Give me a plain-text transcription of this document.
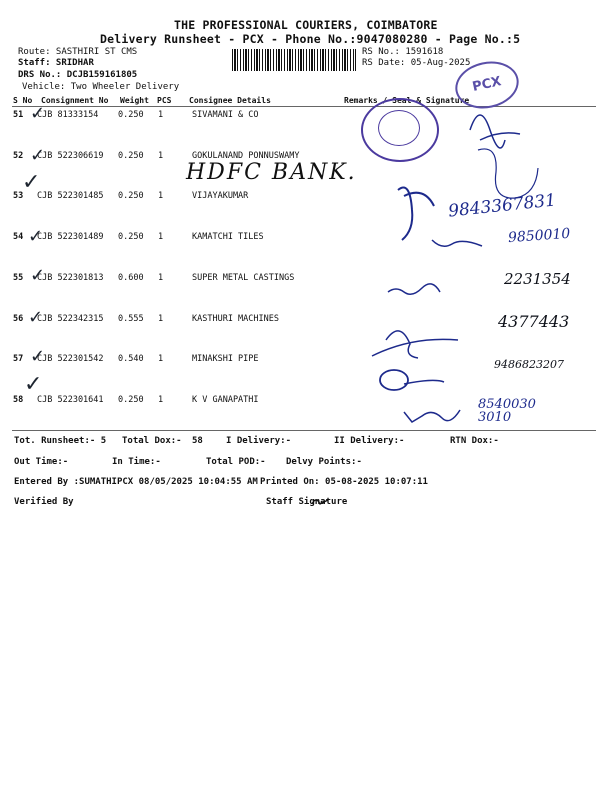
THE PROFESSIONAL COURIERS, COIMBATORE
Delivery Runsheet - PCX - Phone No.:9047080280 - Page No.:5
Route: SASTHIRI ST CMS
Staff: SRIDHAR
DRS No.: DCJB159161805
Vehicle: Two Wheeler Delivery
RS No.: 1591618
RS Date: 05-Aug-2025
S No Consignment No Weight PCS Consignee Details	Remarks / Seal & Signature
51 CJB 81333154 0.250 1	SIVAMANI & CO
52 CJB 522306619 0.250 1	GOKULANAND PONNUSWAMY
53 CJB 522301485 0.250 1	VIJAYAKUMAR
54 CJB 522301489 0.250 1	KAMATCHI TILES
55 CJB 522301813 0.600 1	SUPER METAL CASTINGS
56 CJB 522342315 0.555 1	KASTHURI MACHINES
57 CJB 522301542 0.540 1	MINAKSHI PIPE
58 CJB 522301641 0.250 1	K V GANAPATHI
✓
✓
✓
✓
✓
✓
✓
✓
PCX
HDFC BANK.
9843367831
9850010
2231354
4377443
9486823207
8540030 3010
Tot. Runsheet:- 5 Total Dox:- 58	I Delivery:-	II Delivery:-	RTN Dox:-
Out Time:-	In Time:-	Total POD:- Delvy Points:-
Entered By :SUMATHIPCX 08/05/2025 10:04:55 AM Printed On: 05-08-2025 10:07:11
Verified By	Staff Signature
